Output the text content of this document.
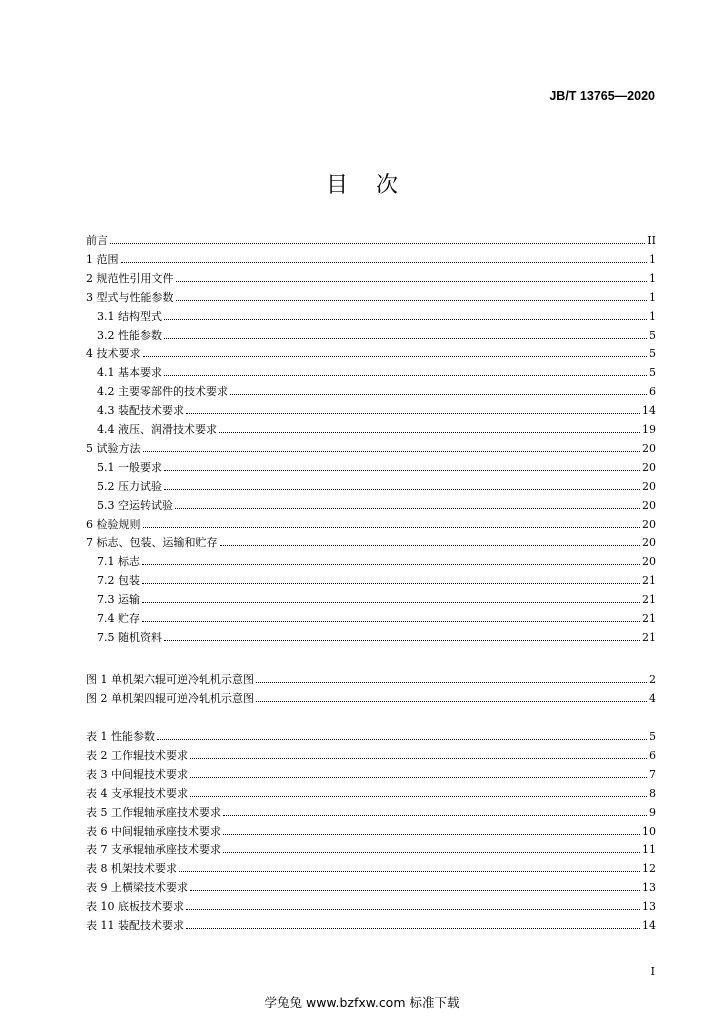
JB/T 13765—2020
目次
前言	II
1 范围	1
2 规范性引用文件	1
3 型式与性能参数	1
3.1 结构型式	1
3.2 性能参数	5
4 技术要求	5
4.1 基本要求	5
4.2 主要零部件的技术要求	6
4.3 装配技术要求	14
4.4 液压、润滑技术要求	19
5 试验方法	20
5.1 一般要求	20
5.2 压力试验	20
5.3 空运转试验	20
6 检验规则	20
7 标志、包装、运输和贮存	20
7.1 标志	20
7.2 包装	21
7.3 运输	21
7.4 贮存	21
7.5 随机资料	21
图 1 单机架六辊可逆冷轧机示意图	2
图 2 单机架四辊可逆冷轧机示意图	4
表 1 性能参数	5
表 2 工作辊技术要求	6
表 3 中间辊技术要求	7
表 4 支承辊技术要求	8
表 5 工作辊轴承座技术要求	9
表 6 中间辊轴承座技术要求	10
表 7 支承辊轴承座技术要求	11
表 8 机架技术要求	12
表 9 上横梁技术要求	13
表 10 底板技术要求	13
表 11 装配技术要求	14
I
学兔兔 www.bzfxw.com 标准下载
